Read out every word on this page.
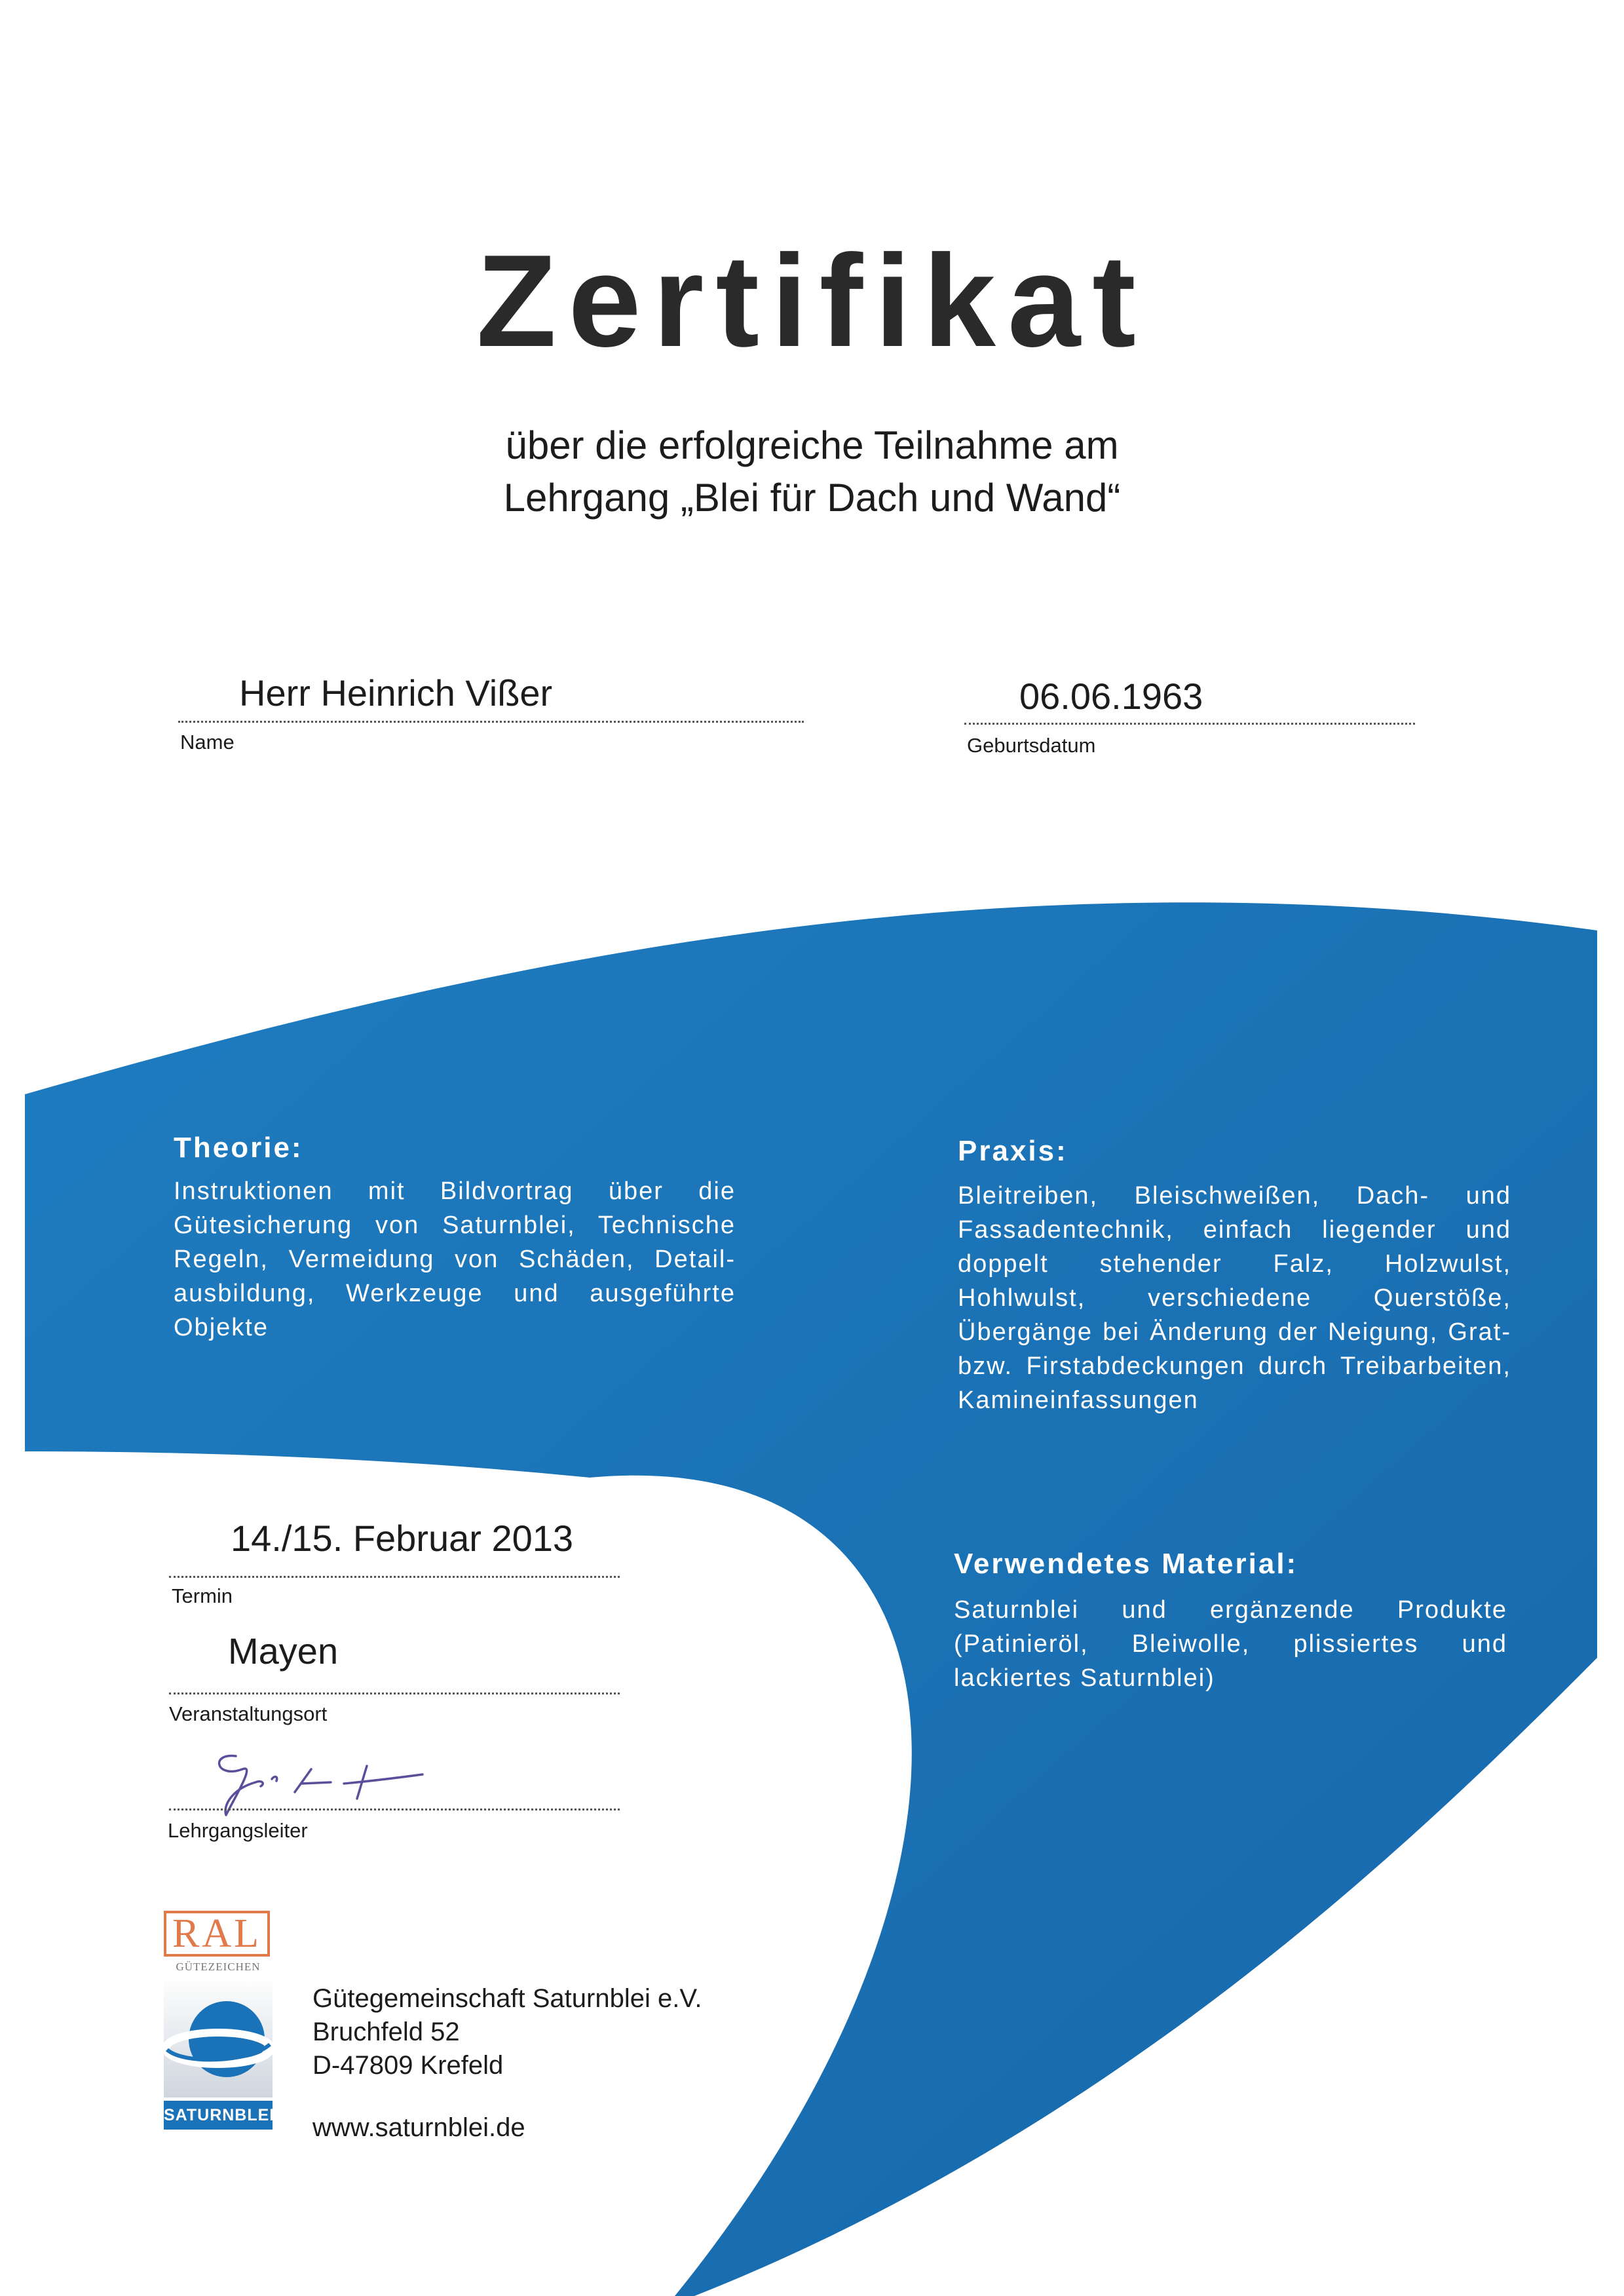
Zertifikat
über die erfolgreiche Teilnahme am
Lehrgang „Blei für Dach und Wand“
Herr Heinrich Vißer
Name
06.06.1963
Geburtsdatum
Theorie:
Instruktionen mit Bildvortrag über die Gütesicherung von Saturnblei, Technische Regeln, Vermeidung von Schäden, Detail-ausbildung, Werkzeuge und ausgeführte Objekte
Praxis:
Bleitreiben, Bleischweißen, Dach- und Fassadentechnik, einfach liegender und doppelt stehender Falz, Holzwulst, Hohlwulst, verschiedene Querstöße, Übergänge bei Änderung der Neigung, Grat- bzw. Firstabdeckungen durch Treibarbeiten, Kamineinfassungen
14./15. Februar 2013
Termin
Mayen
Veranstaltungsort
Lehrgangsleiter
Verwendetes Material:
Saturnblei und ergänzende Produkte (Patinieröl, Bleiwolle, plissiertes und lackiertes Saturnblei)
RAL
GÜTEZEICHEN
SATURNBLEI
Gütegemeinschaft Saturnblei e.V.
Bruchfeld 52
D-47809 Krefeld
www.saturnblei.de
